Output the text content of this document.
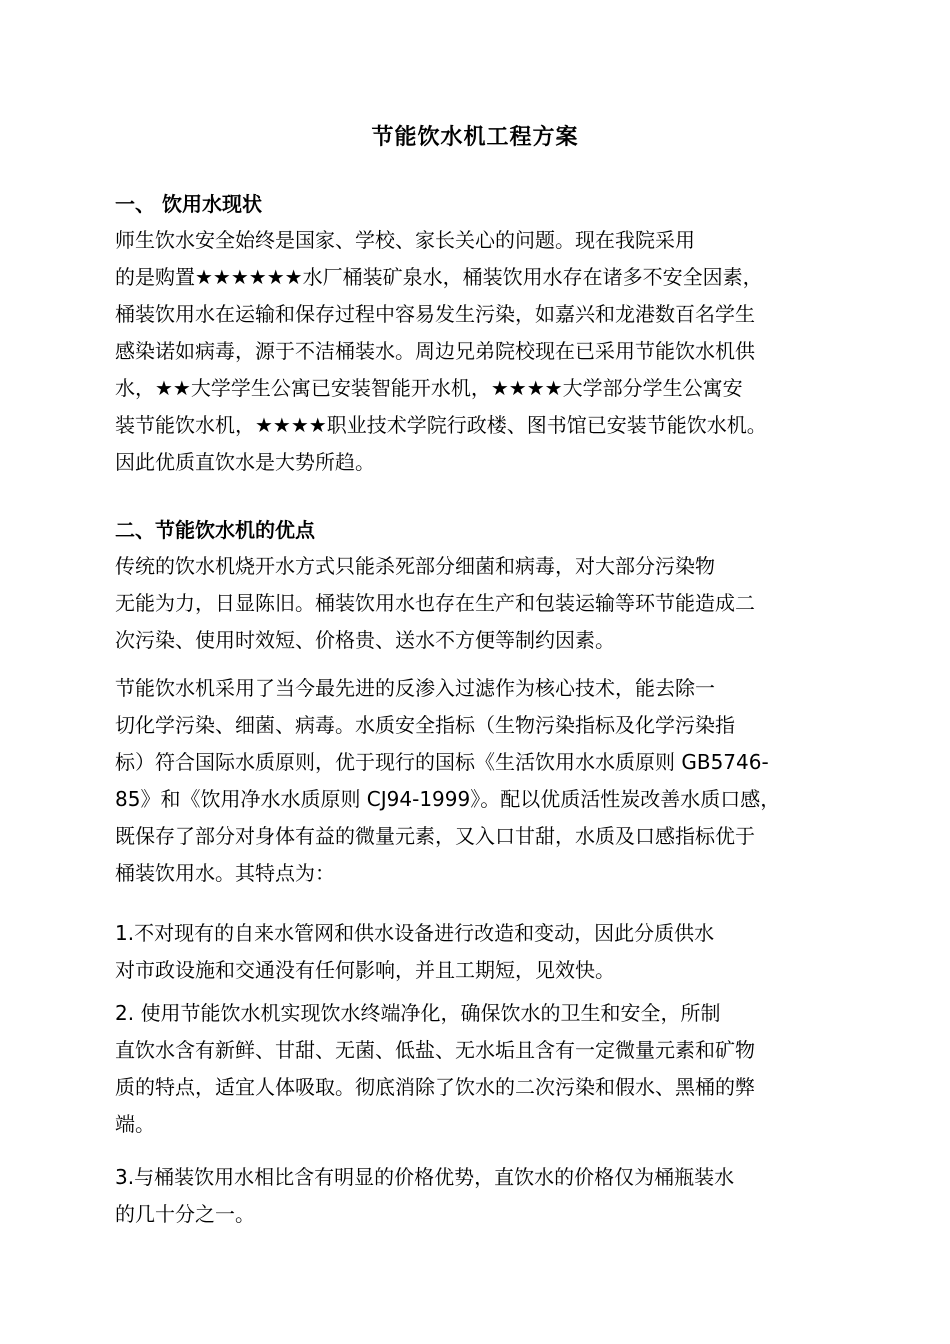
节能饮水机工程方案
一、 饮用水现状
师生饮水安全始终是国家、学校、家长关心的问题。现在我院采用
的是购置★★★★★★水厂桶装矿泉水，桶装饮用水存在诸多不安全因素，
桶装饮用水在运输和保存过程中容易发生污染，如嘉兴和龙港数百名学生
感染诺如病毒，源于不洁桶装水。周边兄弟院校现在已采用节能饮水机供
水，★★大学学生公寓已安装智能开水机，★★★★大学部分学生公寓安
装节能饮水机，★★★★职业技术学院行政楼、图书馆已安装节能饮水机。
因此优质直饮水是大势所趋。
二、节能饮水机的优点
传统的饮水机烧开水方式只能杀死部分细菌和病毒，对大部分污染物
无能为力，日显陈旧。桶装饮用水也存在生产和包装运输等环节能造成二
次污染、使用时效短、价格贵、送水不方便等制约因素。
节能饮水机采用了当今最先进的反渗入过滤作为核心技术，能去除一
切化学污染、细菌、病毒。水质安全指标（生物污染指标及化学污染指
标）符合国际水质原则，优于现行的国标《生活饮用水水质原则 GB5746-
85》和《饮用净水水质原则 CJ94-1999》。配以优质活性炭改善水质口感，
既保存了部分对身体有益的微量元素，又入口甘甜，水质及口感指标优于
桶装饮用水。其特点为：
1.不对现有的自来水管网和供水设备进行改造和变动，因此分质供水
对市政设施和交通没有任何影响，并且工期短，见效快。
2. 使用节能饮水机实现饮水终端净化，确保饮水的卫生和安全，所制
直饮水含有新鲜、甘甜、无菌、低盐、无水垢且含有一定微量元素和矿物
质的特点，适宜人体吸取。彻底消除了饮水的二次污染和假水、黑桶的弊
端。
3.与桶装饮用水相比含有明显的价格优势，直饮水的价格仅为桶瓶装水
的几十分之一。
